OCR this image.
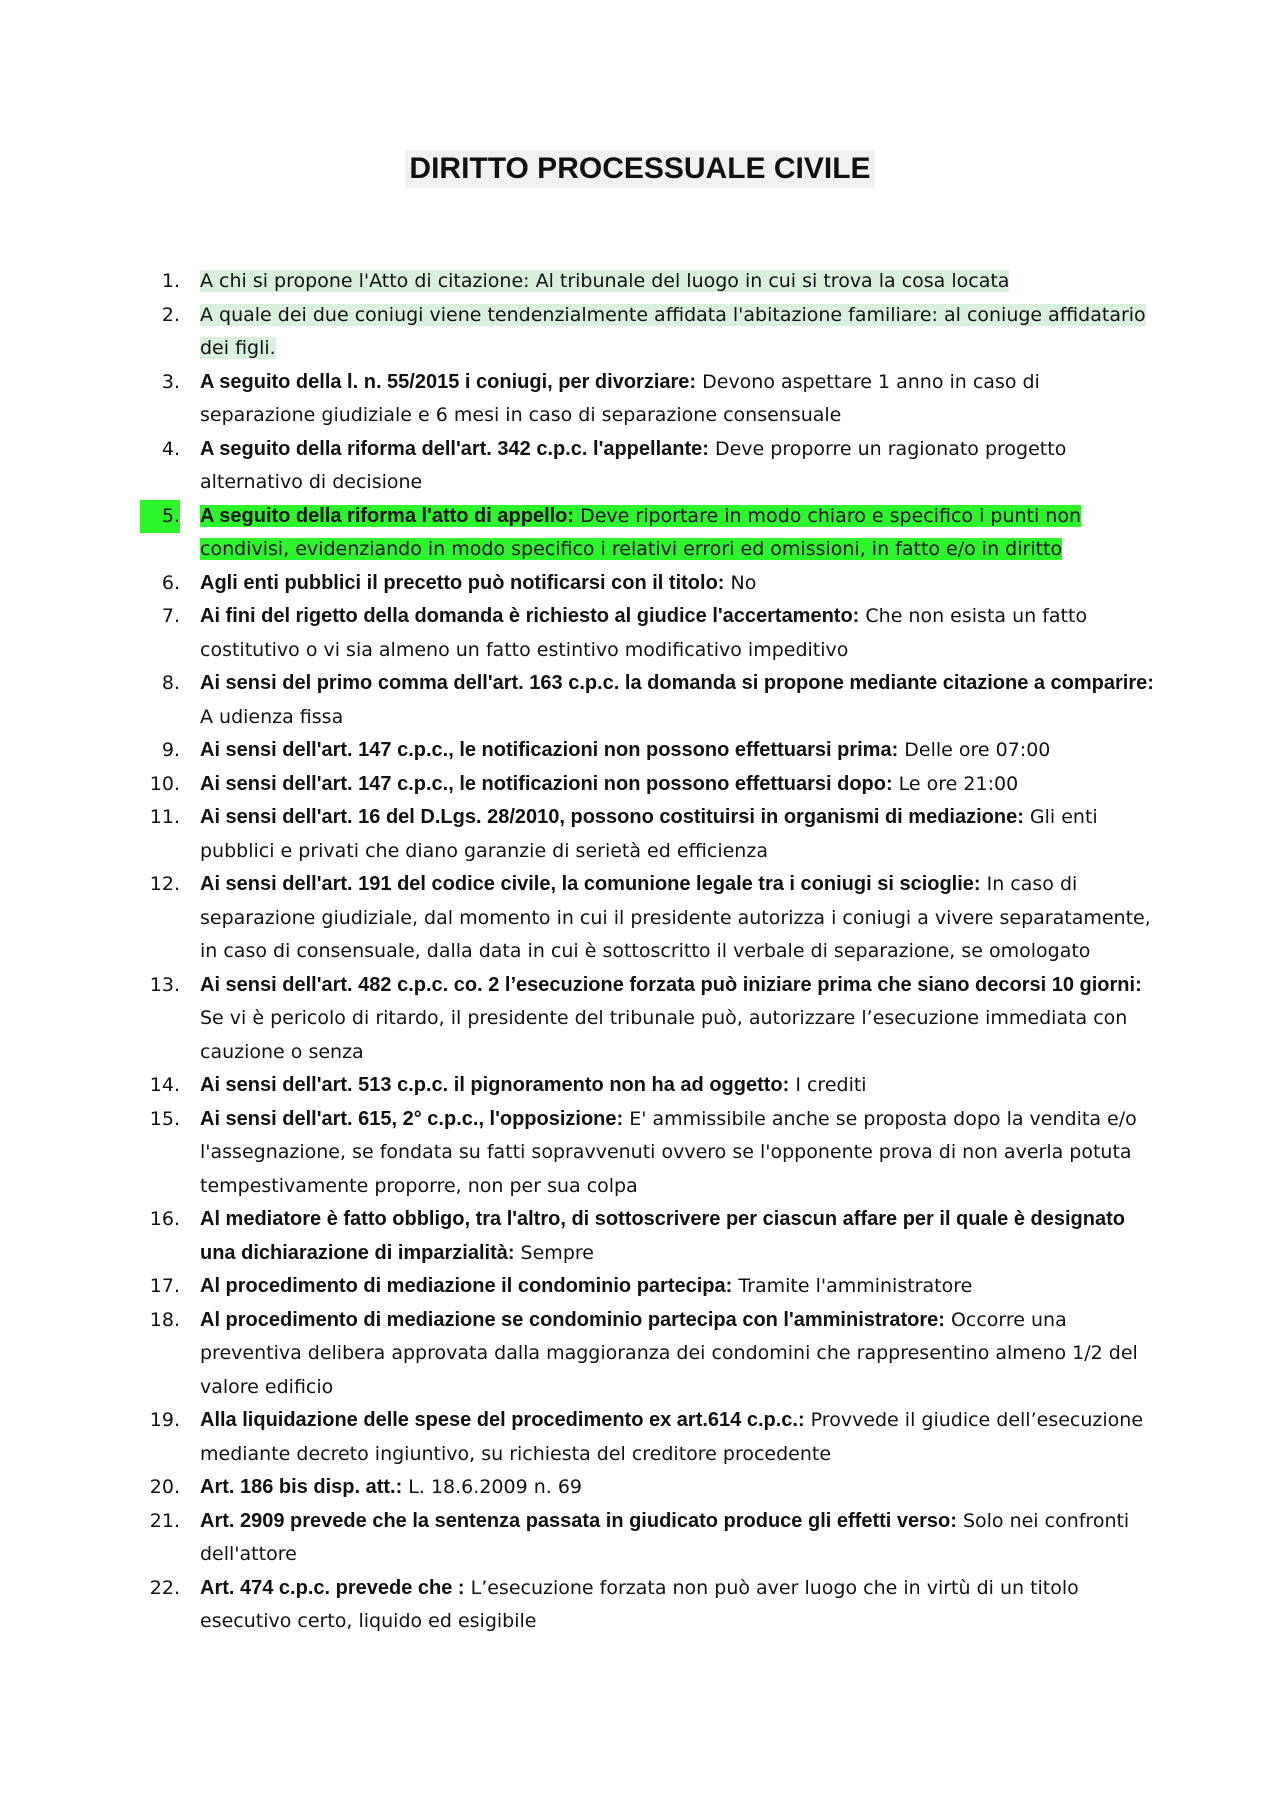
DIRITTO PROCESSUALE CIVILE
1. A chi si propone l'Atto di citazione: Al tribunale del luogo in cui si trova la cosa locata
2. A quale dei due coniugi viene tendenzialmente affidata l'abitazione familiare: al coniuge affidatario dei figli.
3. A seguito della l. n. 55/2015 i coniugi, per divorziare: Devono aspettare 1 anno in caso di separazione giudiziale e 6 mesi in caso di separazione consensuale
4. A seguito della riforma dell'art. 342 c.p.c. l'appellante: Deve proporre un ragionato progetto alternativo di decisione
5. A seguito della riforma l'atto di appello: Deve riportare in modo chiaro e specifico i punti non condivisi, evidenziando in modo specifico i relativi errori ed omissioni, in fatto e/o in diritto
6. Agli enti pubblici il precetto può notificarsi con il titolo: No
7. Ai fini del rigetto della domanda è richiesto al giudice l'accertamento: Che non esista un fatto costitutivo o vi sia almeno un fatto estintivo modificativo impeditivo
8. Ai sensi del primo comma dell'art. 163 c.p.c. la domanda si propone mediante citazione a comparire: A udienza fissa
9. Ai sensi dell'art. 147 c.p.c., le notificazioni non possono effettuarsi prima: Delle ore 07:00
10. Ai sensi dell'art. 147 c.p.c., le notificazioni non possono effettuarsi dopo: Le ore 21:00
11. Ai sensi dell'art. 16 del D.Lgs. 28/2010, possono costituirsi in organismi di mediazione: Gli enti pubblici e privati che diano garanzie di serietà ed efficienza
12. Ai sensi dell'art. 191 del codice civile, la comunione legale tra i coniugi si scioglie: In caso di separazione giudiziale, dal momento in cui il presidente autorizza i coniugi a vivere separatamente, in caso di consensuale, dalla data in cui è sottoscritto il verbale di separazione, se omologato
13. Ai sensi dell'art. 482 c.p.c. co. 2 l’esecuzione forzata può iniziare prima che siano decorsi 10 giorni: Se vi è pericolo di ritardo, il presidente del tribunale può, autorizzare l’esecuzione immediata con cauzione o senza
14. Ai sensi dell'art. 513 c.p.c. il pignoramento non ha ad oggetto: I crediti
15. Ai sensi dell'art. 615, 2° c.p.c., l'opposizione: E' ammissibile anche se proposta dopo la vendita e/o l'assegnazione, se fondata su fatti sopravvenuti ovvero se l'opponente prova di non averla potuta tempestivamente proporre, non per sua colpa
16. Al mediatore è fatto obbligo, tra l'altro, di sottoscrivere per ciascun affare per il quale è designato una dichiarazione di imparzialità: Sempre
17. Al procedimento di mediazione il condominio partecipa: Tramite l'amministratore
18. Al procedimento di mediazione se condominio partecipa con l'amministratore: Occorre una preventiva delibera approvata dalla maggioranza dei condomini che rappresentino almeno 1/2 del valore edificio
19. Alla liquidazione delle spese del procedimento ex art.614 c.p.c.: Provvede il giudice dell’esecuzione mediante decreto ingiuntivo, su richiesta del creditore procedente
20. Art. 186 bis disp. att.: L. 18.6.2009 n. 69
21. Art. 2909 prevede che la sentenza passata in giudicato produce gli effetti verso: Solo nei confronti dell'attore
22. Art. 474 c.p.c. prevede che : L’esecuzione forzata non può aver luogo che in virtù di un titolo esecutivo certo, liquido ed esigibile
